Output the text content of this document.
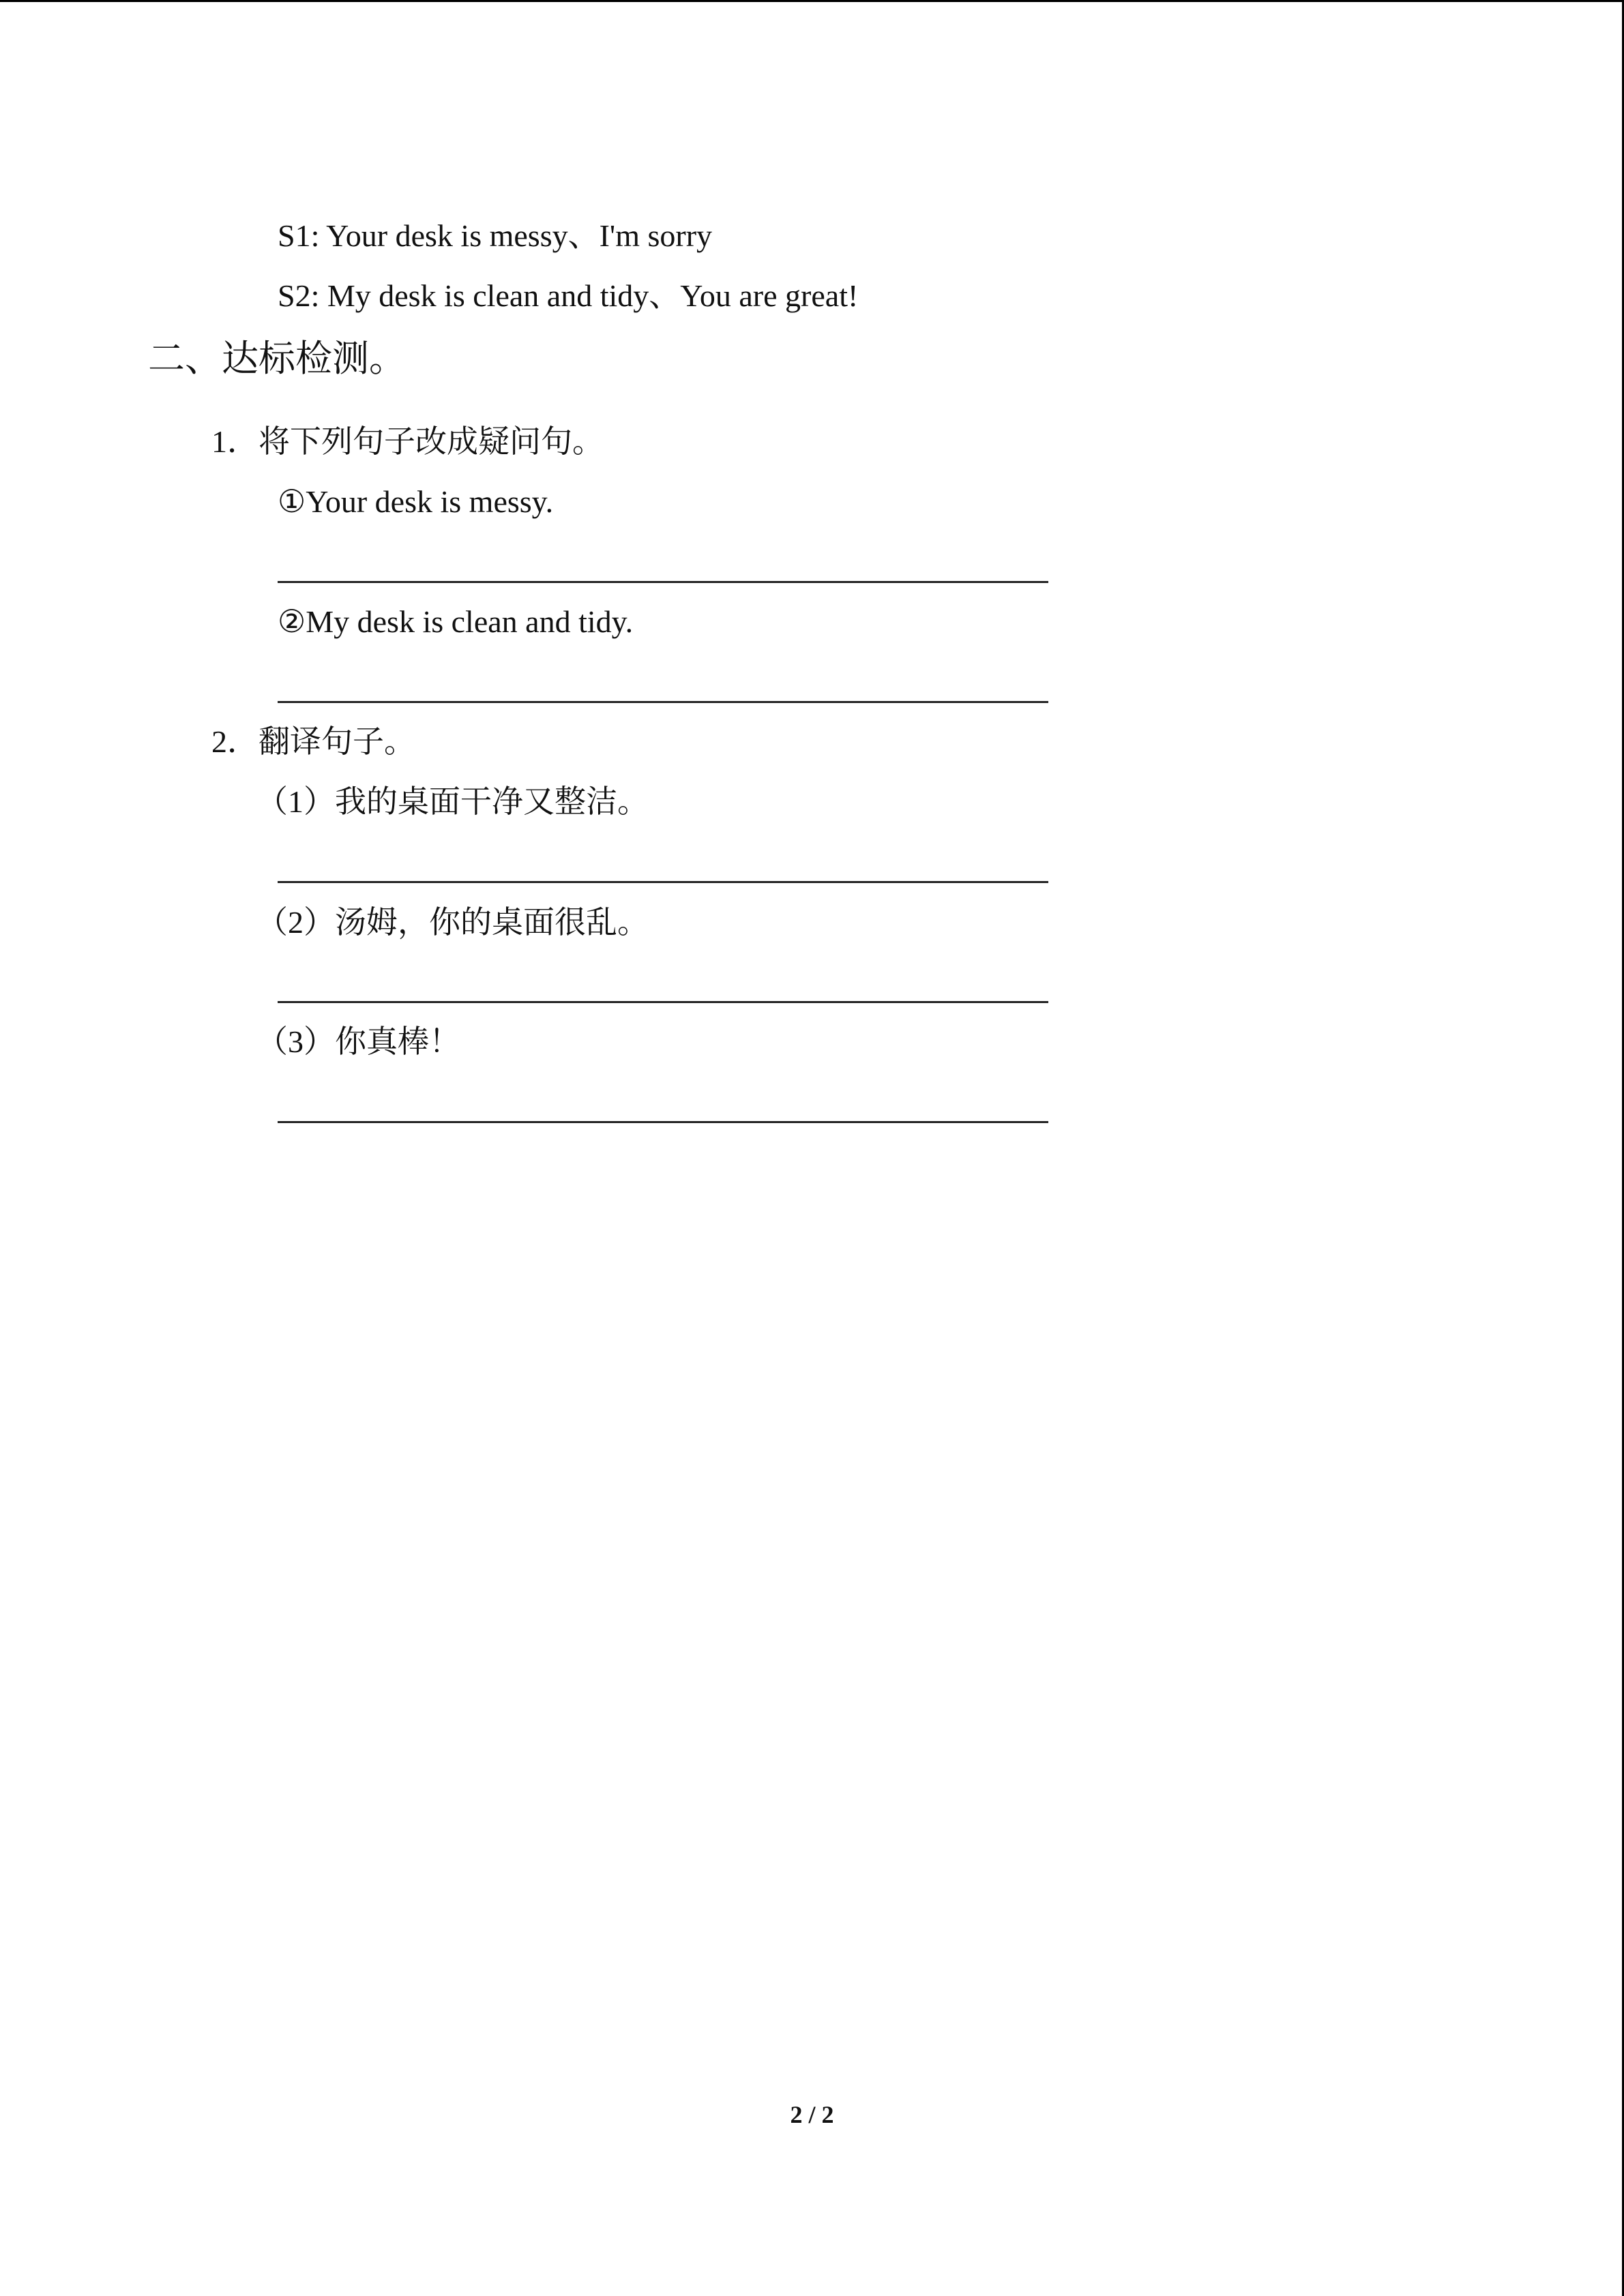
S1: Your desk is messy、I'm sorry
S2: My desk is clean and tidy、You are great!
二、达标检测。
1．将下列句子改成疑问句。
①Your desk is messy.
②My desk is clean and tidy.
2．翻译句子。
（1）我的桌面干净又整洁。
（2）汤姆，你的桌面很乱。
（3）你真棒！
2 / 2
